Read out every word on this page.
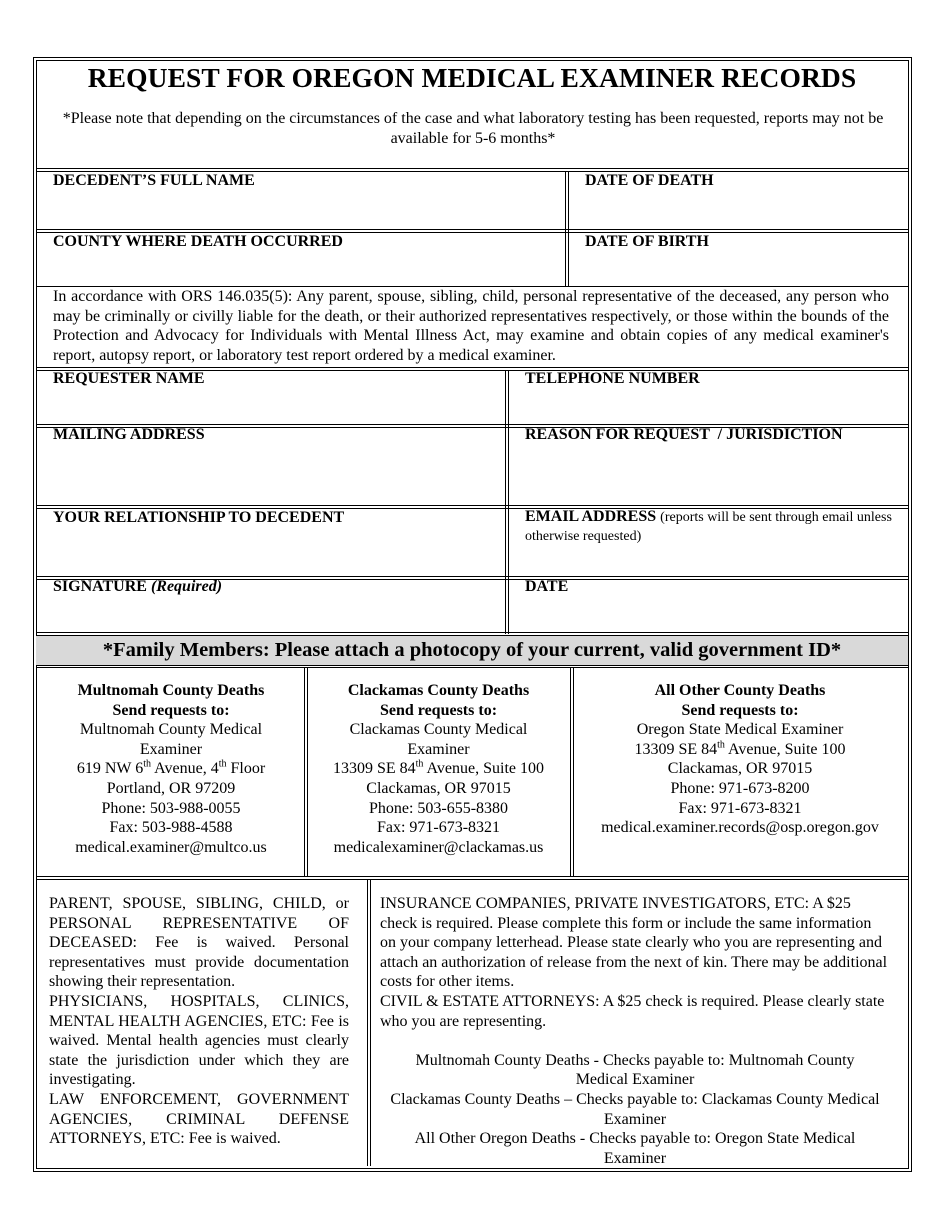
REQUEST FOR OREGON MEDICAL EXAMINER RECORDS
*Please note that depending on the circumstances of the case and what laboratory testing has been requested, reports may not be available for 5-6 months*
DECEDENT’S FULL NAME	DATE OF DEATH
COUNTY WHERE DEATH OCCURRED	DATE OF BIRTH
In accordance with ORS 146.035(5): Any parent, spouse, sibling, child, personal representative of the deceased, any person who may be criminally or civilly liable for the death, or their authorized representatives respectively, or those within the bounds of the Protection and Advocacy for Individuals with Mental Illness Act, may examine and obtain copies of any medical examiner's report, autopsy report, or laboratory test report ordered by a medical examiner.
REQUESTER NAME	TELEPHONE NUMBER
MAILING ADDRESS	REASON FOR REQUEST  / JURISDICTION
YOUR RELATIONSHIP TO DECEDENT	EMAIL ADDRESS (reports will be sent through email unless otherwise requested)
SIGNATURE (Required)	DATE
*Family Members: Please attach a photocopy of your current, valid government ID*
Multnomah County Deaths
Send requests to:
Multnomah County Medical Examiner
619 NW 6th Avenue, 4th Floor
Portland, OR 97209
Phone: 503-988-0055
Fax: 503-988-4588
medical.examiner@multco.us
Clackamas County Deaths
Send requests to:
Clackamas County Medical Examiner
13309 SE 84th Avenue, Suite 100
Clackamas, OR 97015
Phone: 503-655-8380
Fax: 971-673-8321
medicalexaminer@clackamas.us
All Other County Deaths
Send requests to:
Oregon State Medical Examiner
13309 SE 84th Avenue, Suite 100
Clackamas, OR 97015
Phone: 971-673-8200
Fax: 971-673-8321
medical.examiner.records@osp.oregon.gov

PARENT, SPOUSE, SIBLING, CHILD, or PERSONAL REPRESENTATIVE OF DECEASED: Fee is waived. Personal representatives must provide documentation showing their representation.

PHYSICIANS, HOSPITALS, CLINICS, MENTAL HEALTH AGENCIES, ETC: Fee is waived. Mental health agencies must clearly state the jurisdiction under which they are investigating.

LAW ENFORCEMENT, GOVERNMENT AGENCIES, CRIMINAL DEFENSE ATTORNEYS, ETC: Fee is waived.

INSURANCE COMPANIES, PRIVATE INVESTIGATORS, ETC: A $25 check is required. Please complete this form or include the same information on your company letterhead. Please state clearly who you are representing and attach an authorization of release from the next of kin. There may be additional costs for other items.

CIVIL & ESTATE ATTORNEYS: A $25 check is required. Please clearly state who you are representing.

Multnomah County Deaths - Checks payable to: Multnomah County Medical Examiner

Clackamas County Deaths – Checks payable to: Clackamas County Medical Examiner

All Other Oregon Deaths - Checks payable to: Oregon State Medical Examiner
